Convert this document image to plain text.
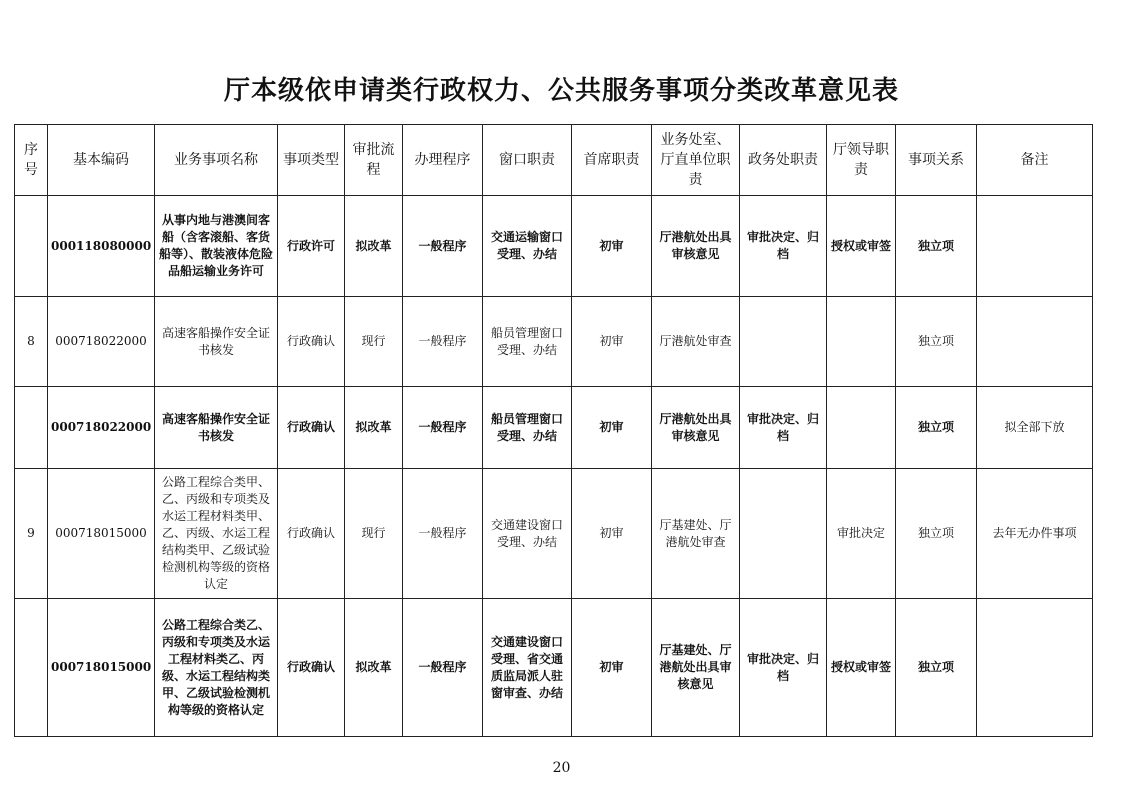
厅本级依申请类行政权力、公共服务事项分类改革意见表
序号	基本编码	业务事项名称	事项类型	审批流程	办理程序	窗口职责	首席职责	业务处室、厅直单位职责	政务处职责	厅领导职责	事项关系	备注
	000118080000	从事内地与港澳间客船（含客滚船、客货船等）、散装液体危险品船运输业务许可	行政许可	拟改革	一般程序	交通运输窗口受理、办结	初审	厅港航处出具审核意见	审批决定、归档	授权或审签	独立项	
8	000718022000	高速客船操作安全证书核发	行政确认	现行	一般程序	船员管理窗口受理、办结	初审	厅港航处审查			独立项	
	000718022000	高速客船操作安全证书核发	行政确认	拟改革	一般程序	船员管理窗口受理、办结	初审	厅港航处出具审核意见	审批决定、归档		独立项	拟全部下放
9	000718015000	公路工程综合类甲、乙、丙级和专项类及水运工程材料类甲、乙、丙级、水运工程结构类甲、乙级试验检测机构等级的资格认定	行政确认	现行	一般程序	交通建设窗口受理、办结	初审	厅基建处、厅港航处审查		审批决定	独立项	去年无办件事项
	000718015000	公路工程综合类乙、丙级和专项类及水运工程材料类乙、丙级、水运工程结构类甲、乙级试验检测机构等级的资格认定	行政确认	拟改革	一般程序	交通建设窗口受理、省交通质监局派人驻窗审查、办结	初审	厅基建处、厅港航处出具审核意见	审批决定、归档	授权或审签	独立项	
20
